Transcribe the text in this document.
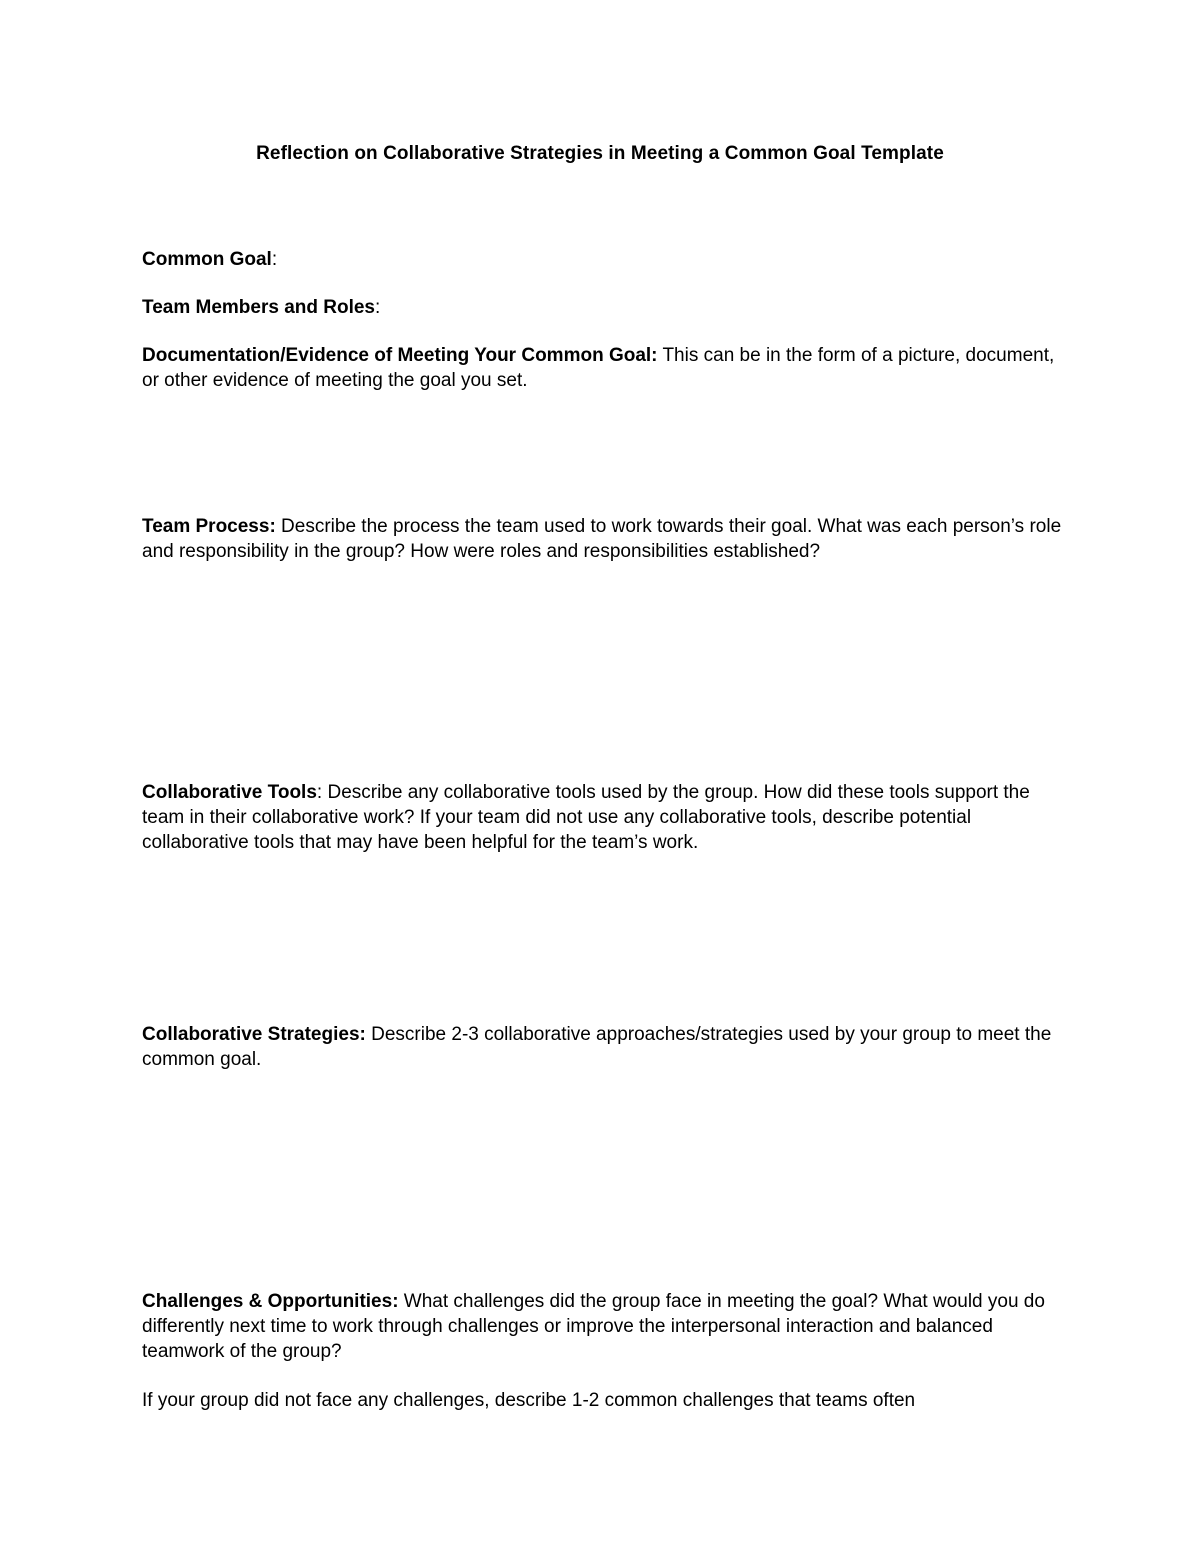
Reflection on Collaborative Strategies in Meeting a Common Goal Template

Common Goal:

Team Members and Roles:

Documentation/Evidence of Meeting Your Common Goal: This can be in the form of a picture, document, or other evidence of meeting the goal you set.

Team Process: Describe the process the team used to work towards their goal. What was each person’s role and responsibility in the group? How were roles and responsibilities established?

Collaborative Tools: Describe any collaborative tools used by the group. How did these tools support the team in their collaborative work? If your team did not use any collaborative tools, describe potential collaborative tools that may have been helpful for the team’s work.

Collaborative Strategies: Describe 2-3 collaborative approaches/strategies used by your group to meet the common goal.

Challenges & Opportunities: What challenges did the group face in meeting the goal? What would you do differently next time to work through challenges or improve the interpersonal interaction and balanced teamwork of the group?

If your group did not face any challenges, describe 1-2 common challenges that teams often
